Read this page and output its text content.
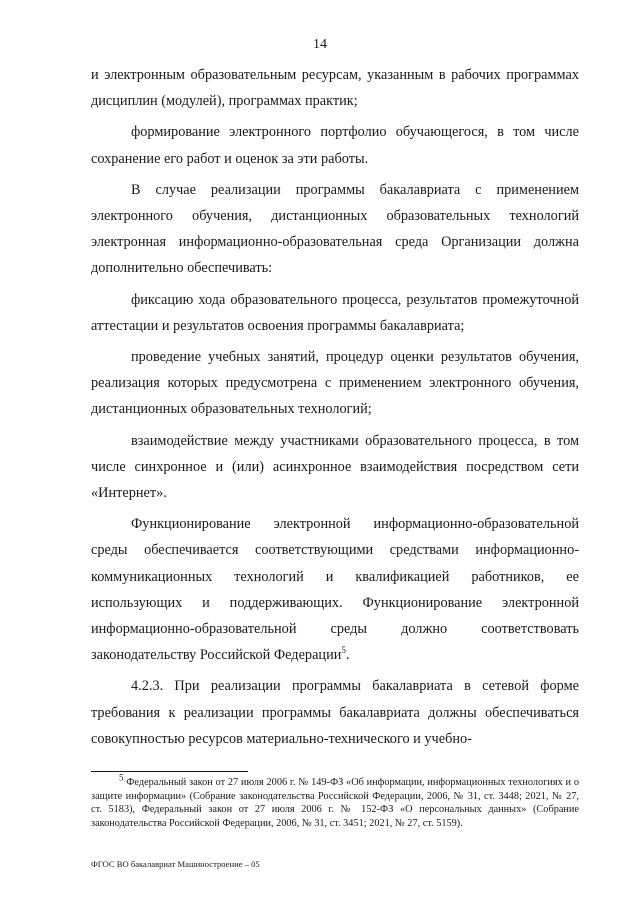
14

и электронным образовательным ресурсам, указанным в рабочих программах дисциплин (модулей), программах практик;

формирование электронного портфолио обучающегося, в том числе сохранение его работ и оценок за эти работы.

В случае реализации программы бакалавриата с применением электронного обучения, дистанционных образовательных технологий электронная информационно-образовательная среда Организации должна дополнительно обеспечивать:

фиксацию хода образовательного процесса, результатов промежуточной аттестации и результатов освоения программы бакалавриата;

проведение учебных занятий, процедур оценки результатов обучения, реализация которых предусмотрена с применением электронного обучения, дистанционных образовательных технологий;

взаимодействие между участниками образовательного процесса, в том числе синхронное и (или) асинхронное взаимодействия посредством сети «Интернет».

Функционирование электронной информационно-образовательной среды обеспечивается соответствующими средствами информационно-коммуникационных технологий и квалификацией работников, ее использующих и поддерживающих. Функционирование электронной информационно-образовательной среды должно соответствовать законодательству Российской Федерации$^5$.

4.2.3. При реализации программы бакалавриата в сетевой форме требования к реализации программы бакалавриата должны обеспечиваться совокупностью ресурсов материально-технического и учебно-

$^5$ Федеральный закон от 27 июля 2006 г. № 149-ФЗ «Об информации, информационных технологиях и о защите информации» (Собрание законодательства Российской Федерации, 2006, № 31, ст. 3448; 2021, № 27, ст. 5183), Федеральный закон от 27 июля 2006 г. № 152-ФЗ «О персональных данных» (Собрание законодательства Российской Федерации, 2006, № 31, ст. 3451; 2021, № 27, ст. 5159).

ФГОС ВО бакалавриат Машиностроение – 05
